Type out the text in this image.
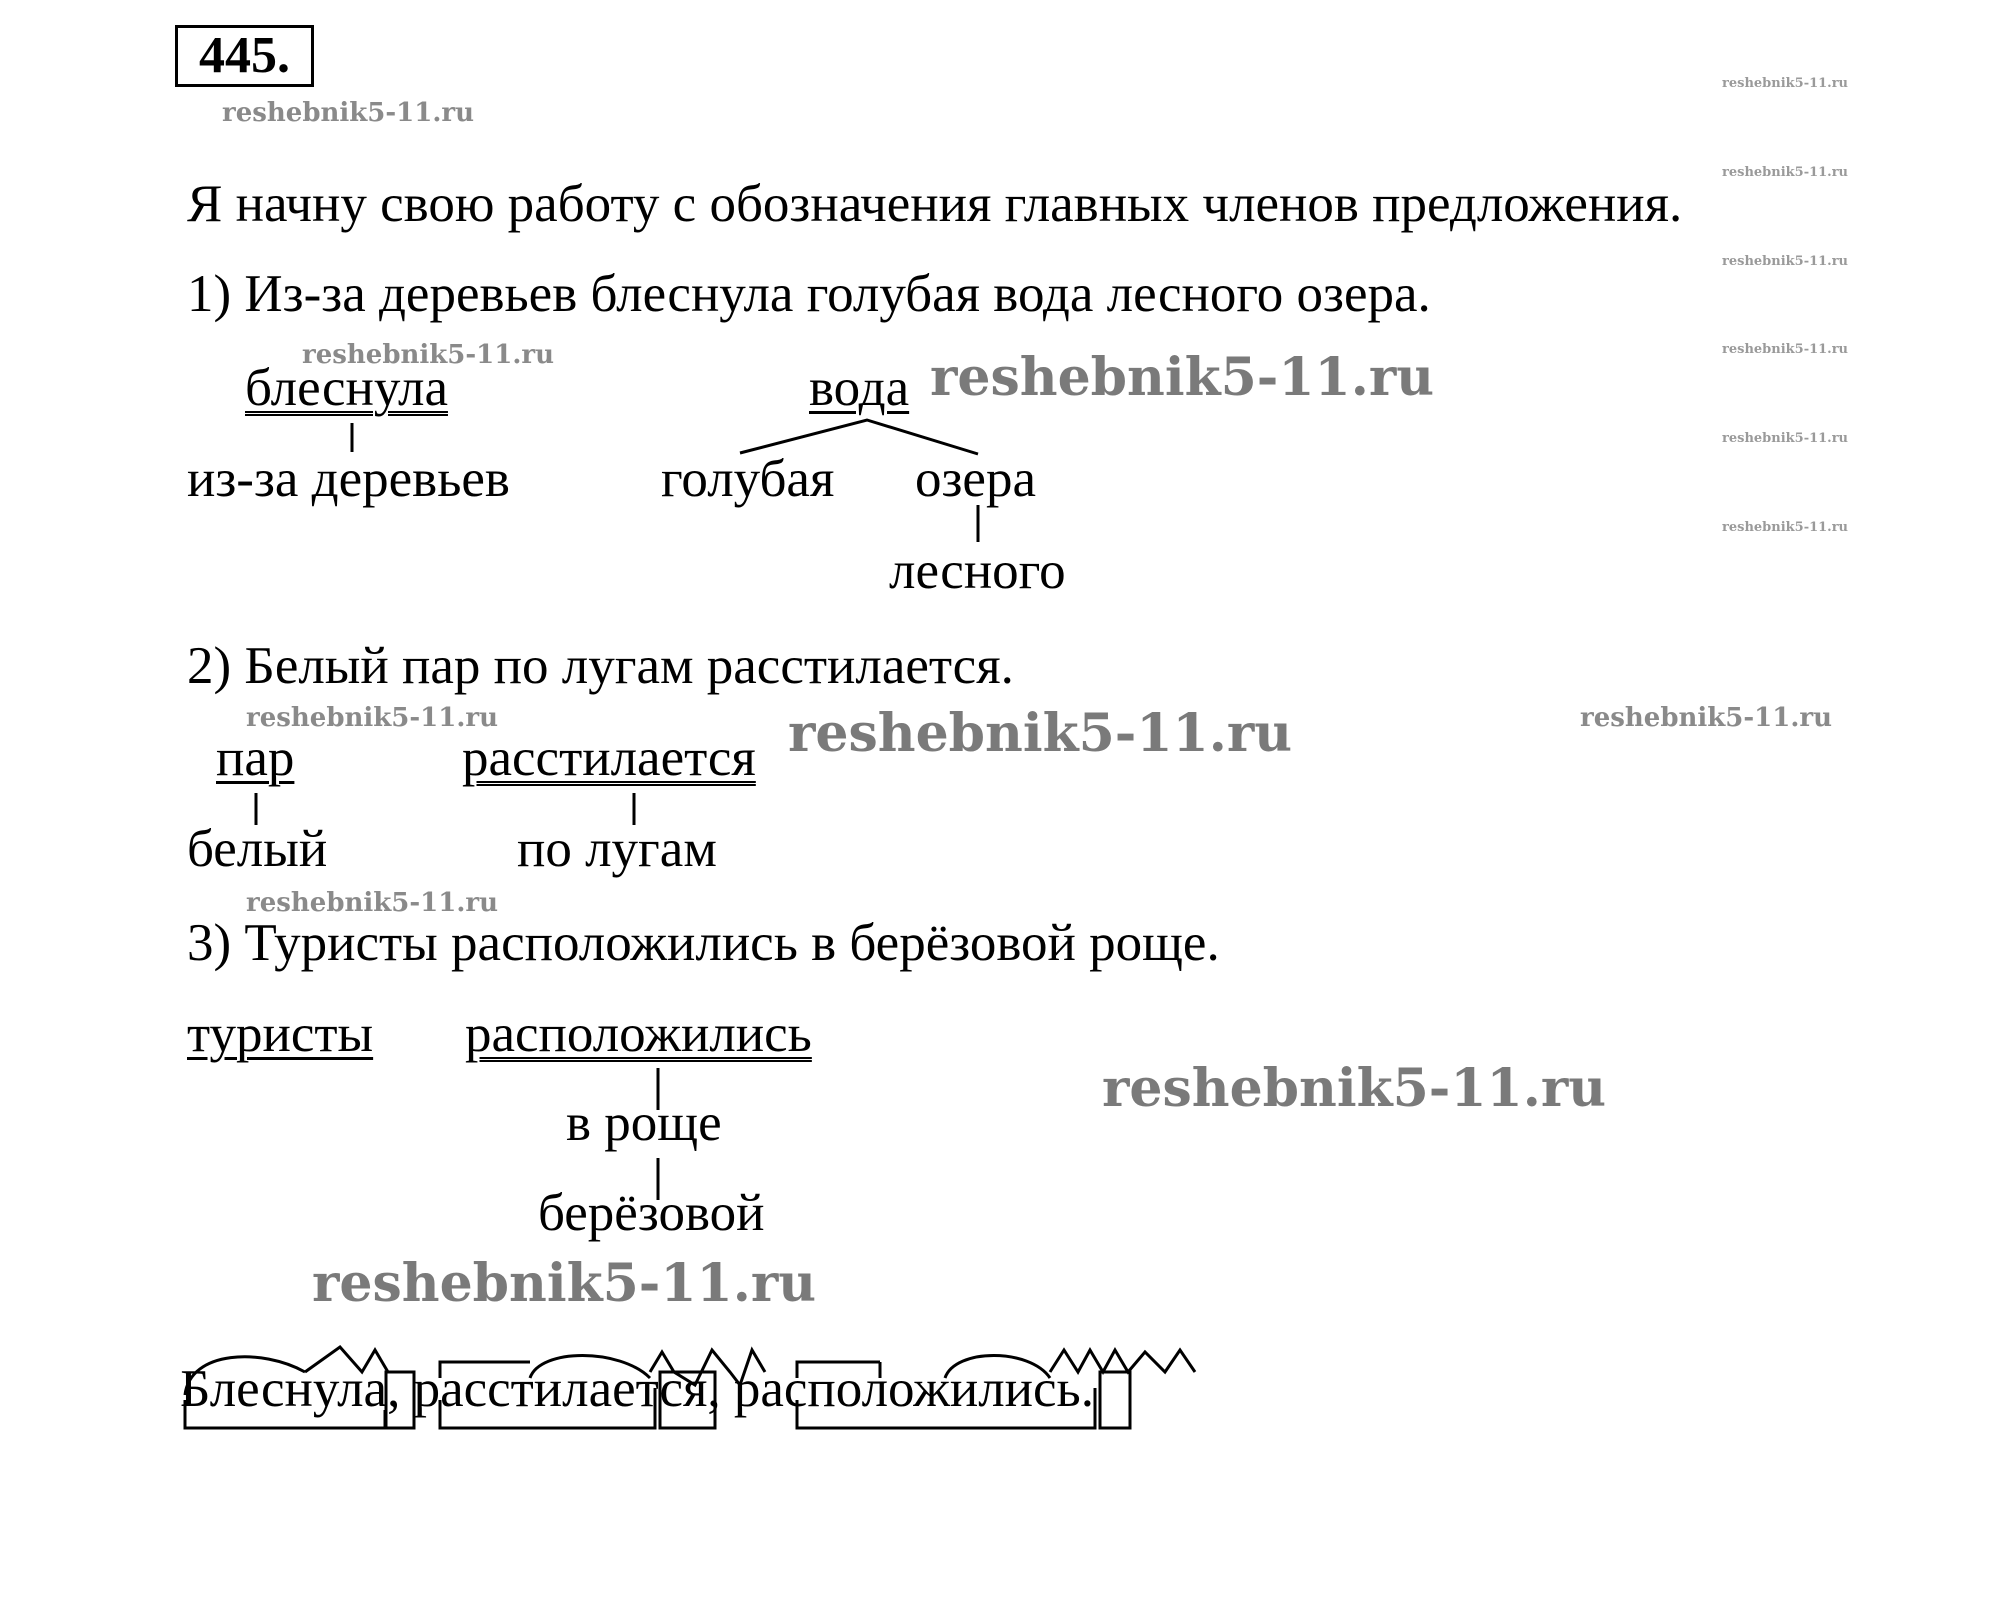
445.
Я начну свою работу с обозначения главных членов предложения.
1) Из-за деревьев блеснула голубая вода лесного озера.
блеснула	вода
из-за деревьев	голубая озера
лесного
2) Белый пар по лугам расстилается.
пар	расстилается
белый	по лугам
3) Туристы расположились в берёзовой роще.
туристы расположились
в роще
берёзовой
Блеснула, расстилается, расположились.
reshebnik5-11.ru
reshebnik5-11.ru
reshebnik5-11.ru
reshebnik5-11.ru
reshebnik5-11.ru
reshebnik5-11.ru
reshebnik5-11.ru
reshebnik5-11.ru	reshebnik5-11.ru
reshebnik5-11.ru	reshebnik5-11.ru	reshebnik5-11.ru
reshebnik5-11.ru
reshebnik5-11.ru
reshebnik5-11.ru
